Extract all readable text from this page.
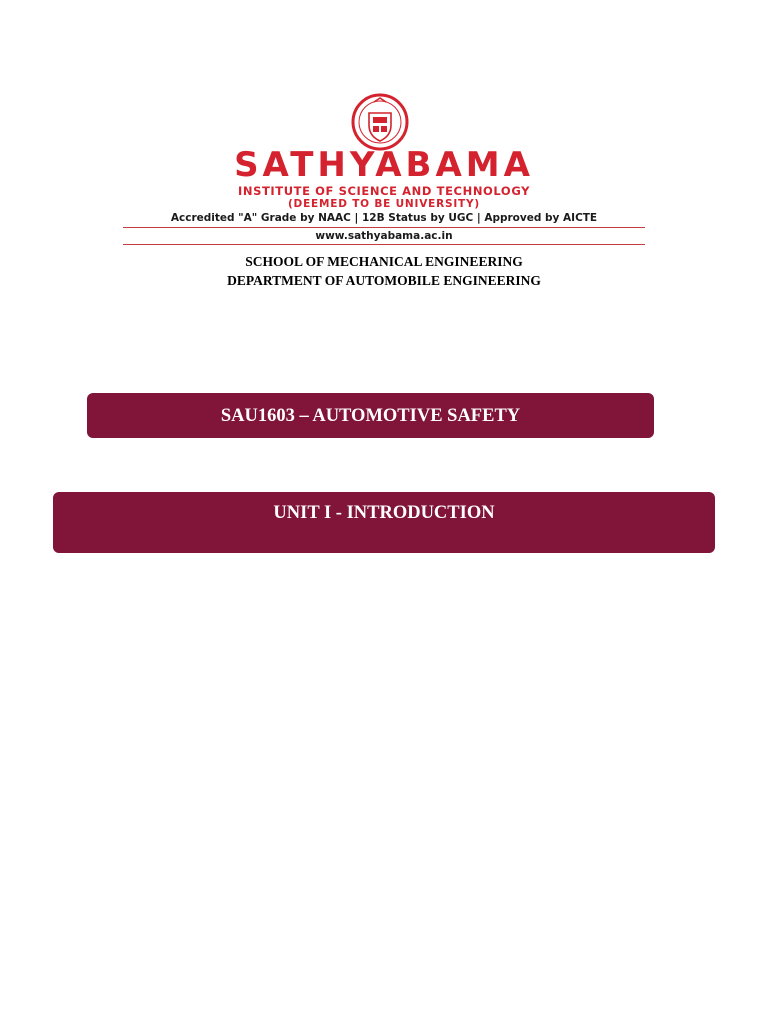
SATHYABAMA
INSTITUTE OF SCIENCE AND TECHNOLOGY
(DEEMED TO BE UNIVERSITY)
Accredited "A" Grade by NAAC | 12B Status by UGC | Approved by AICTE
www.sathyabama.ac.in
SCHOOL OF MECHANICAL ENGINEERING
DEPARTMENT OF AUTOMOBILE ENGINEERING
SAU1603 – AUTOMOTIVE SAFETY
UNIT I - INTRODUCTION
